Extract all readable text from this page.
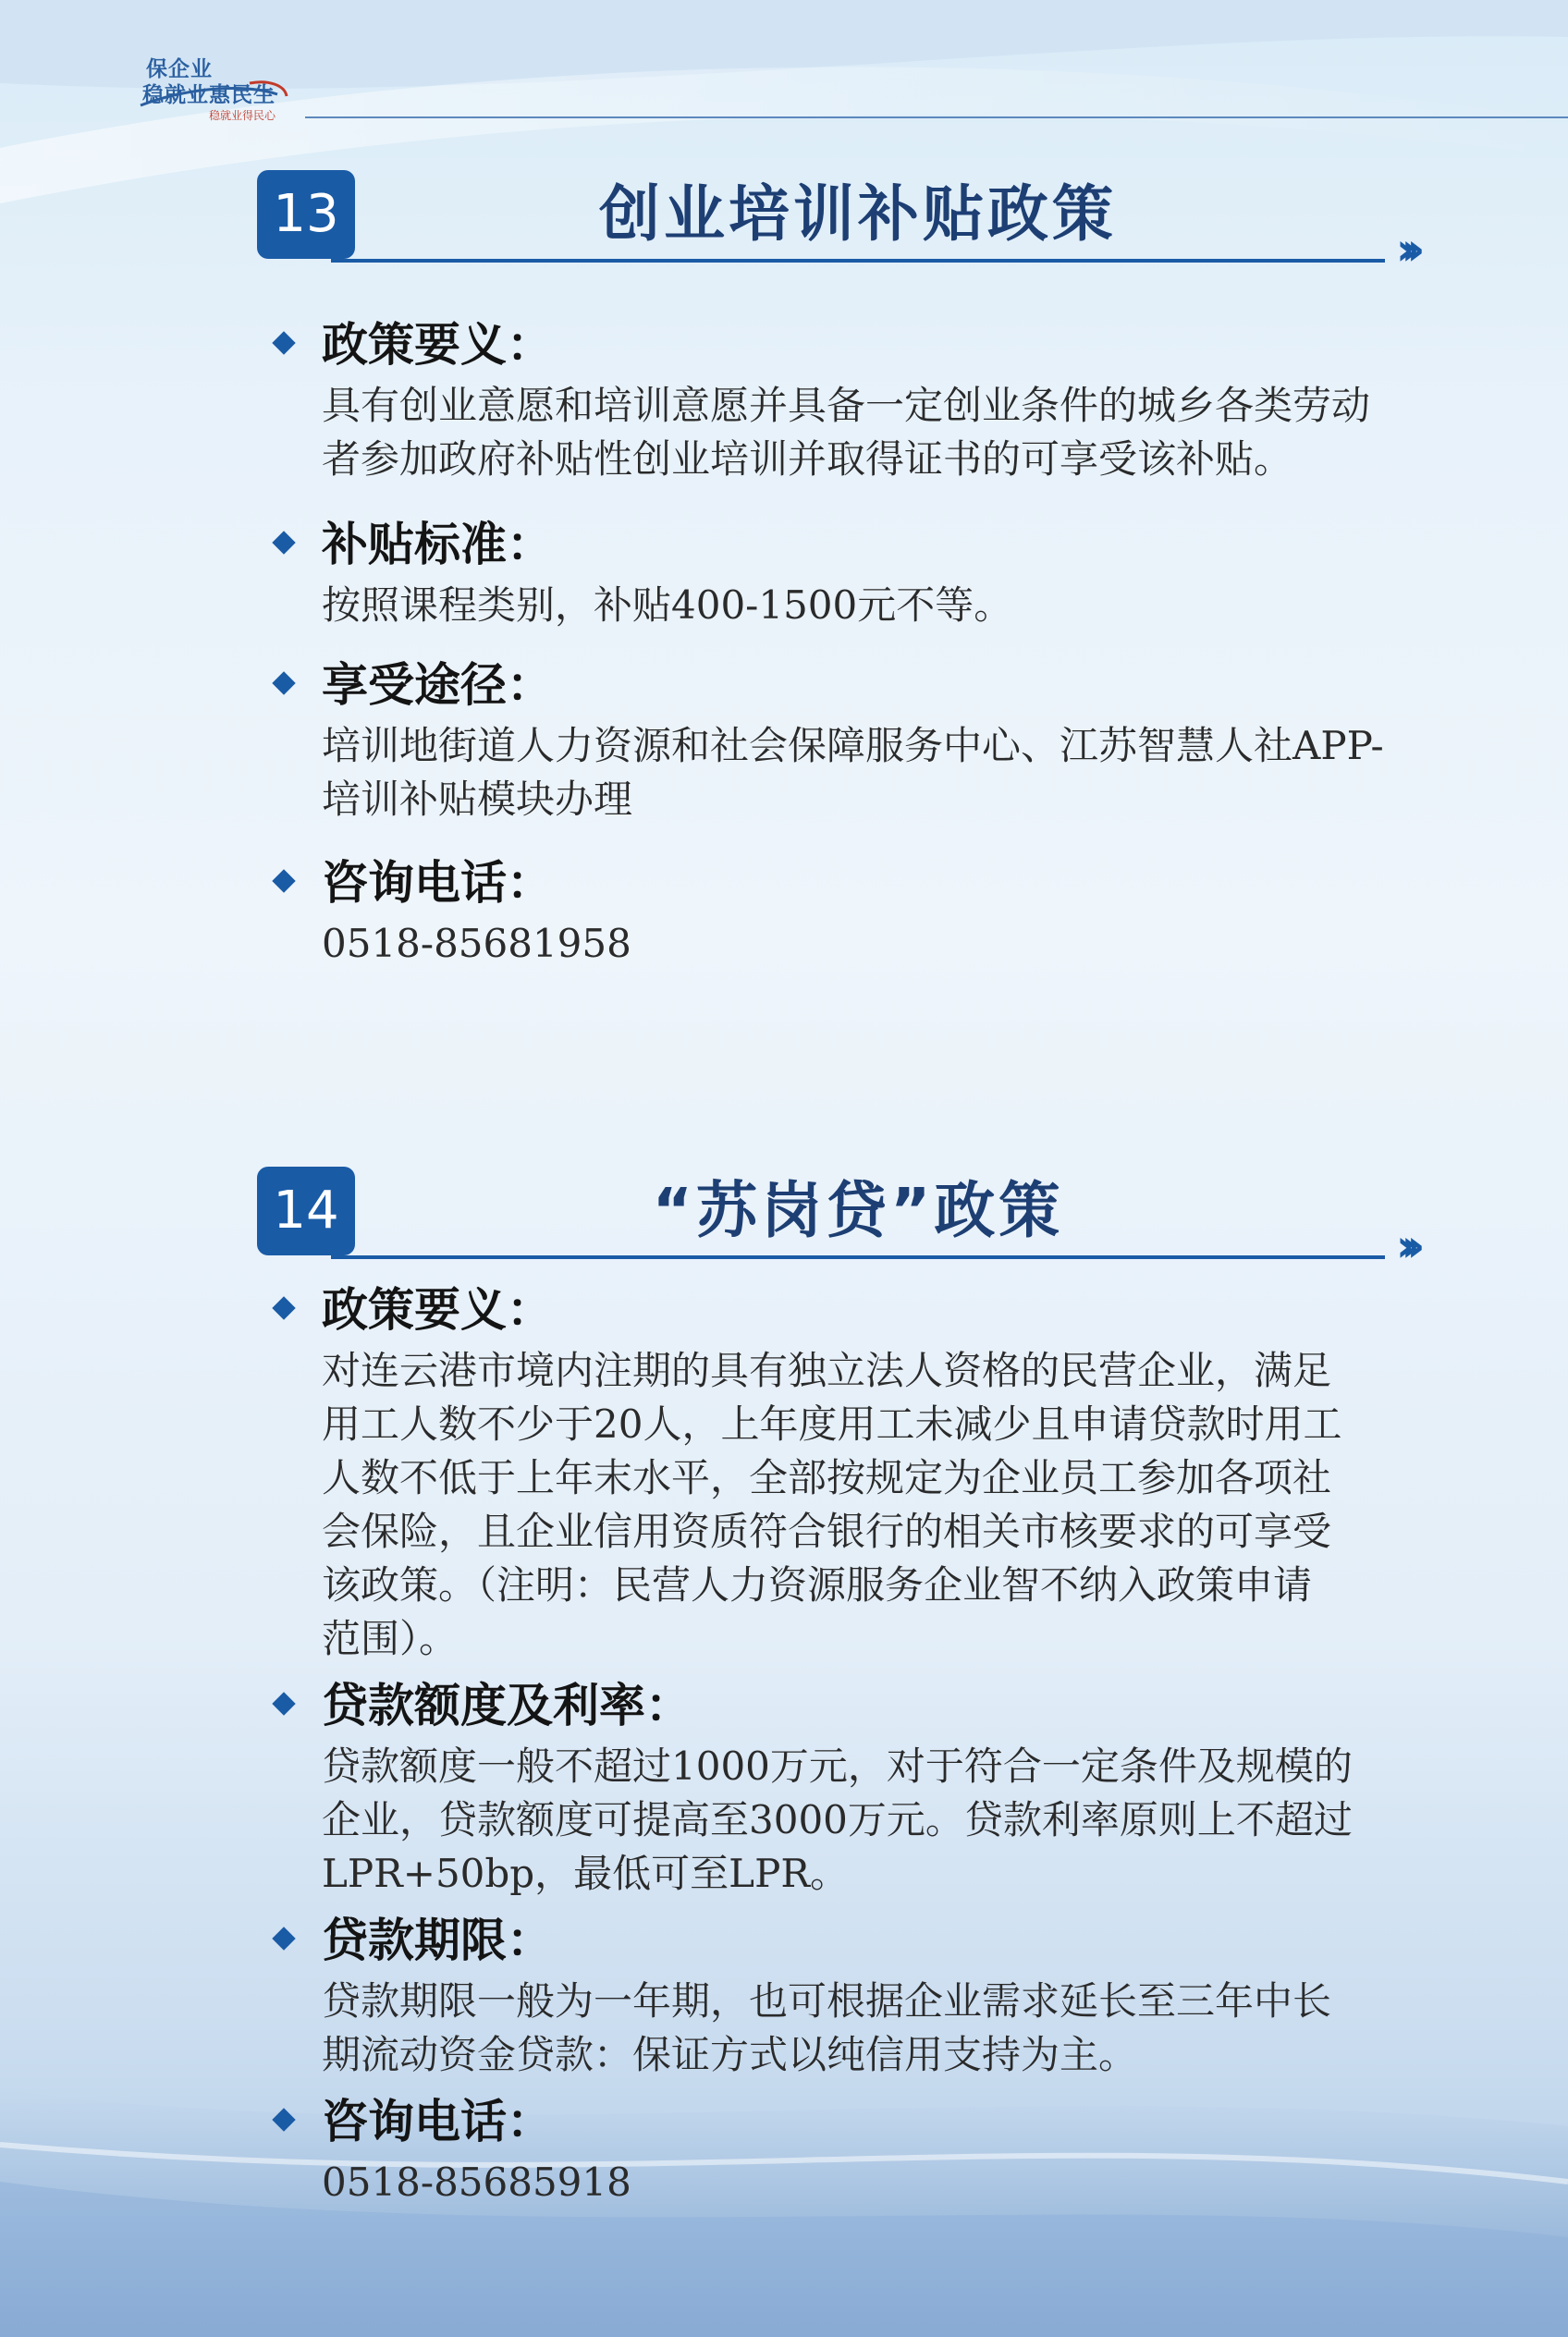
保企业
稳就业惠民生
稳就业得民心
13	创业培训补贴政策	›››
政策要义：
具有创业意愿和培训意愿并具备一定创业条件的城乡各类劳动
者参加政府补贴性创业培训并取得证书的可享受该补贴。
补贴标准：
按照课程类别，补贴400-1500元不等。
享受途径：
培训地街道人力资源和社会保障服务中心、江苏智慧人社APP-
培训补贴模块办理
咨询电话：
0518-85681958
14	“苏岗贷”政策	›››
政策要义：
对连云港市境内注期的具有独立法人资格的民营企业，满足
用工人数不少于20人，上年度用工未减少且申请贷款时用工
人数不低于上年末水平，全部按规定为企业员工参加各项社
会保险，且企业信用资质符合银行的相关市核要求的可享受
该政策。（注明：民营人力资源服务企业智不纳入政策申请
范围）。
贷款额度及利率：
贷款额度一般不超过1000万元，对于符合一定条件及规模的
企业，贷款额度可提高至3000万元。贷款利率原则上不超过
LPR+50bp，最低可至LPR。
贷款期限：
贷款期限一般为一年期，也可根据企业需求延长至三年中长
期流动资金贷款：保证方式以纯信用支持为主。
咨询电话：
0518-85685918
